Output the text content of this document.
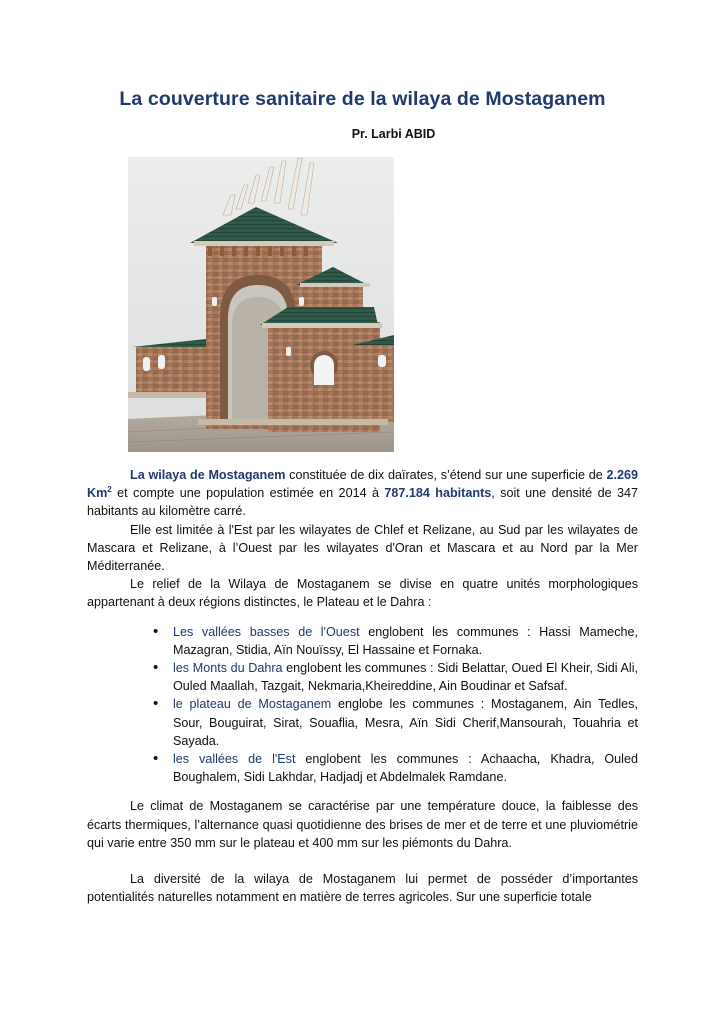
La couverture sanitaire de la wilaya de Mostaganem
Pr. Larbi ABID

La wilaya de Mostaganem constituée de dix daïrates, s’étend sur une superficie de 2.269 Km$^2$ et compte une population estimée en 2014 à 787.184 habitants, soit une densité de 347 habitants au kilomètre carré.

Elle est limitée à l'Est par les wilayates de Chlef et Relizane, au Sud par les wilayates de Mascara et Relizane, à l’Ouest par les wilayates d'Oran et Mascara et au Nord par la Mer Méditerranée.

Le relief de la Wilaya de Mostaganem se divise en quatre unités morphologiques appartenant à deux régions distinctes, le Plateau et le Dahra :

• Les vallées basses de l'Ouest englobent les communes : Hassi Mameche, Mazagran, Stidia, Aïn Nouïssy, El Hassaine et Fornaka.
• les Monts du Dahra englobent les communes : Sidi Belattar, Oued El Kheir, Sidi Ali, Ouled Maallah, Tazgait, Nekmaria,Kheireddine, Ain Boudinar et Safsaf.
• le plateau de Mostaganem englobe les communes : Mostaganem, Ain Tedles, Sour, Bouguirat, Sirat, Souaflia, Mesra, Aïn Sidi Cherif,Mansourah, Touahria et Sayada.
• les vallées de l'Est englobent les communes : Achaacha, Khadra, Ouled Boughalem, Sidi Lakhdar, Hadjadj et Abdelmalek Ramdane.

Le climat de Mostaganem se caractérise par une température douce, la faiblesse des écarts thermiques, l’alternance quasi quotidienne des brises de mer et de terre et une pluviométrie qui varie entre 350 mm sur le plateau et 400 mm sur les piémonts du Dahra.

La diversité de la wilaya de Mostaganem lui permet de posséder d’importantes potentialités naturelles notamment en matière de terres agricoles. Sur une superficie totale
